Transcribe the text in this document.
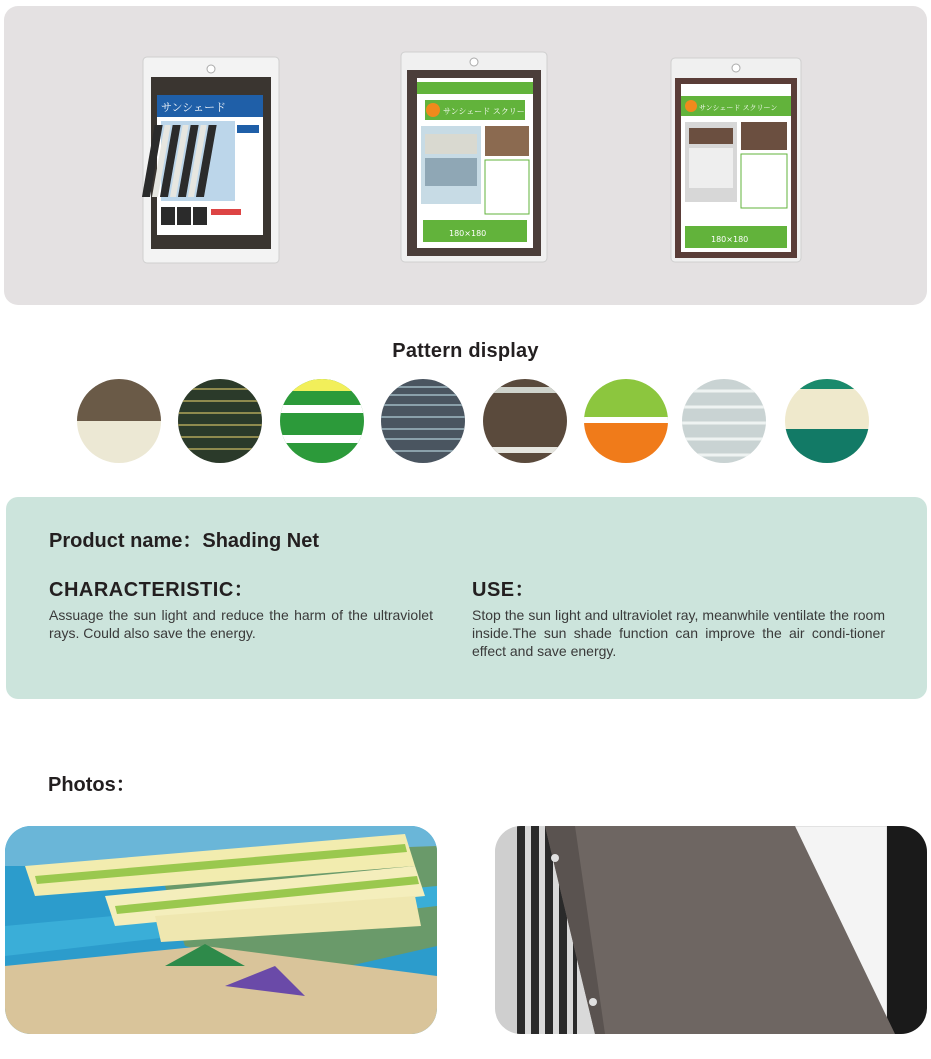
サンシェード	サンシェード スクリーン
180×180
サンシェード スクリーン
180×180
Pattern display
Product name：Shading Net
CHARACTERISTIC：
Assuage the sun light and reduce the harm of the ultraviolet rays. Could also save the energy.
USE：
Stop the sun light and ultraviolet ray, meanwhile ventilate the room inside.The sun shade function can improve the air condi-tioner effect and save energy.
Photos：
